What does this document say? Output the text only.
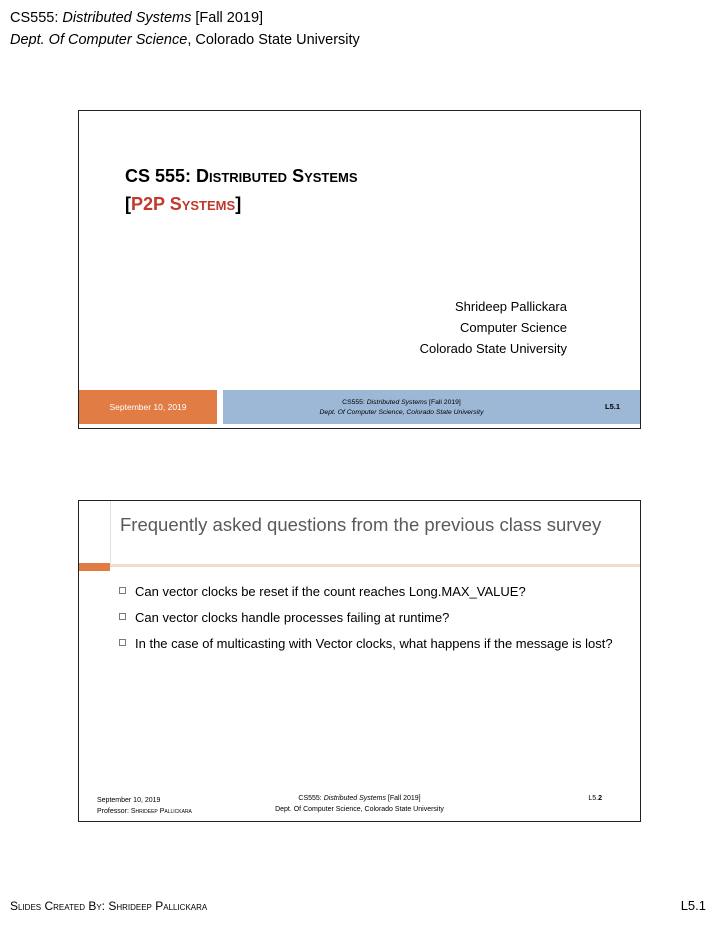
CS555: Distributed Systems [Fall 2019]
Dept. Of Computer Science, Colorado State University
CS 555: Distributed Systems
[P2P Systems]
Shrideep Pallickara
Computer Science
Colorado State University
September 10, 2019	CS555: Distributed Systems [Fall 2019]
Dept. Of Computer Science, Colorado State University
L5.1
Frequently asked questions from the previous class survey
Can vector clocks be reset if the count reaches Long.MAX_VALUE?
Can vector clocks handle processes failing at runtime?
In the case of multicasting with Vector clocks, what happens if the message is lost?
CS555: Distributed Systems [Fall 2019]
Dept. Of Computer Science, Colorado State University
September 10, 2019
Professor: Shrideep Pallickara
L5.2
Slides Created By: Shrideep Pallickara	L5.1
